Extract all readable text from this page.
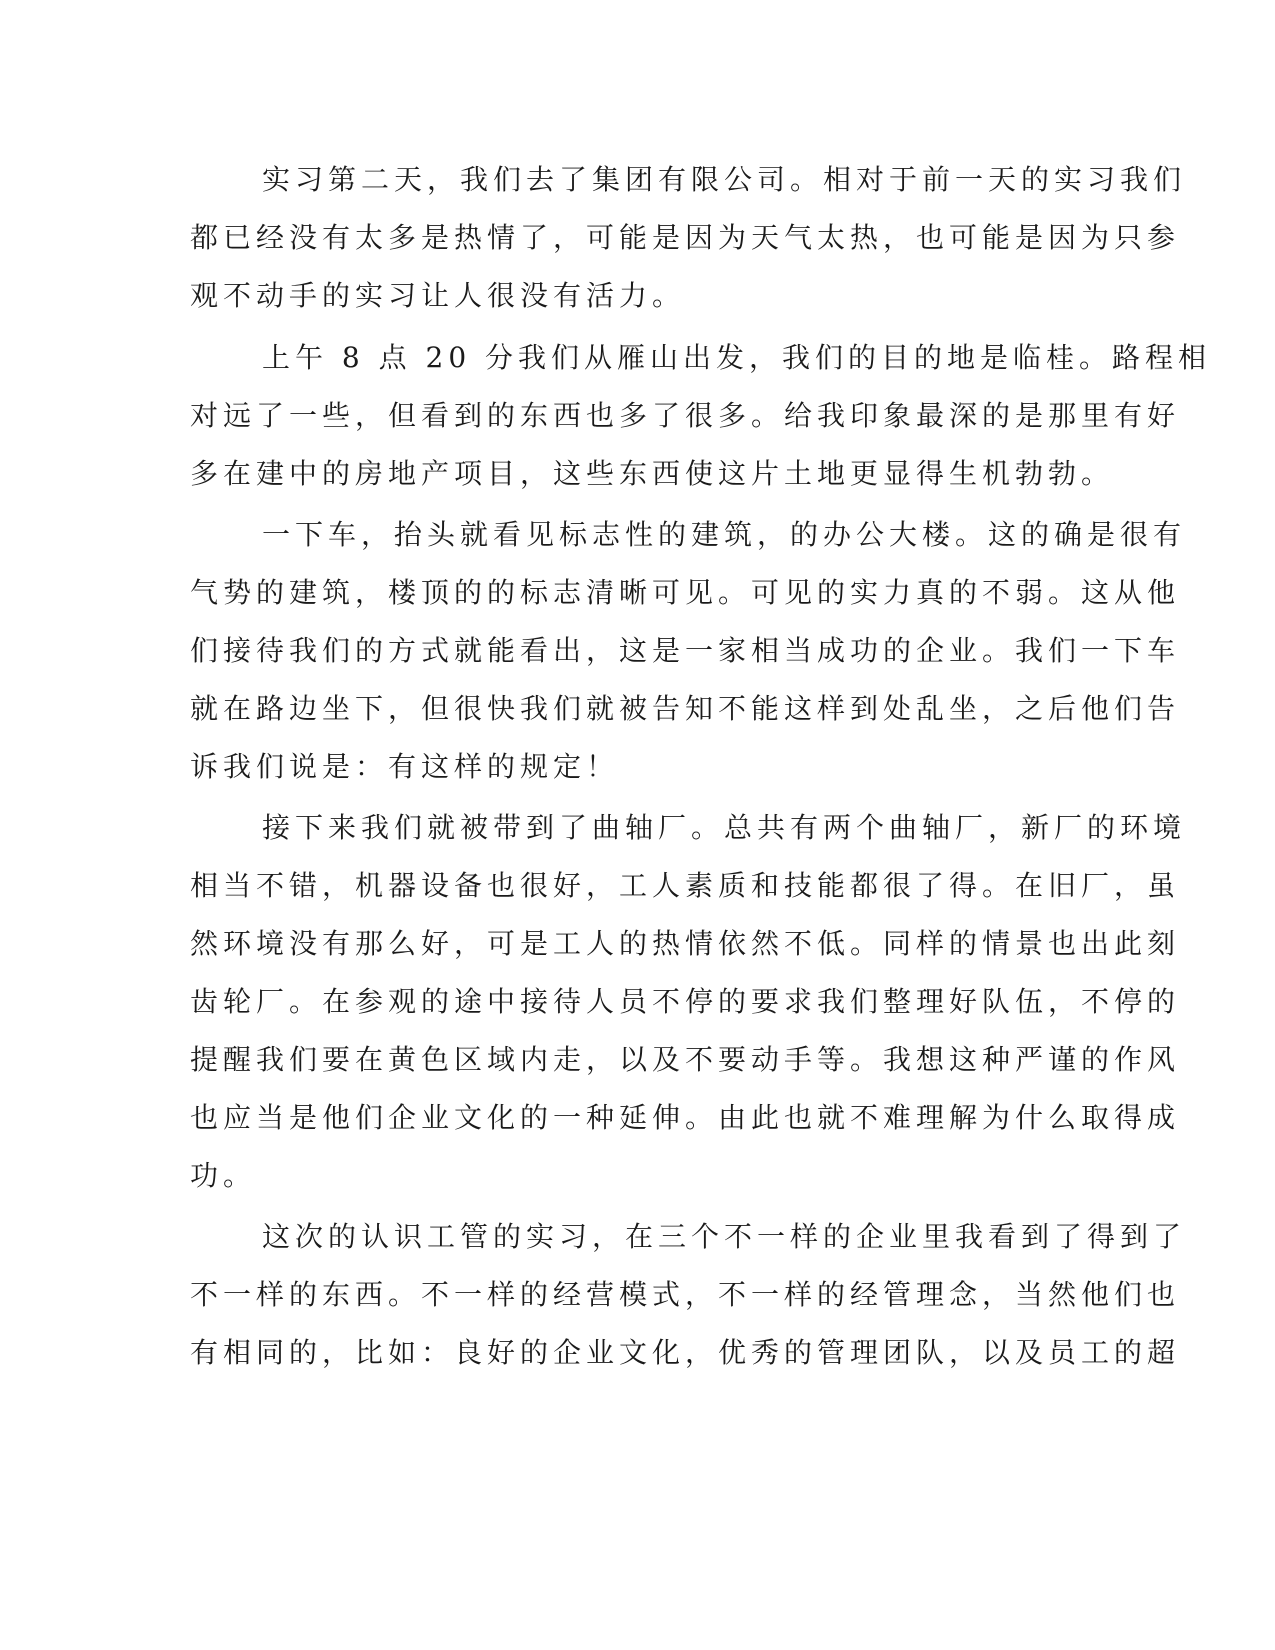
实习第二天，我们去了集团有限公司。相对于前一天的实习我们
都已经没有太多是热情了，可能是因为天气太热，也可能是因为只参
观不动手的实习让人很没有活力。
上午 8 点 20 分我们从雁山出发，我们的目的地是临桂。路程相
对远了一些，但看到的东西也多了很多。给我印象最深的是那里有好
多在建中的房地产项目，这些东西使这片土地更显得生机勃勃。
一下车，抬头就看见标志性的建筑，的办公大楼。这的确是很有
气势的建筑，楼顶的的标志清晰可见。可见的实力真的不弱。这从他
们接待我们的方式就能看出，这是一家相当成功的企业。我们一下车
就在路边坐下，但很快我们就被告知不能这样到处乱坐，之后他们告
诉我们说是：有这样的规定！
接下来我们就被带到了曲轴厂。总共有两个曲轴厂，新厂的环境
相当不错，机器设备也很好，工人素质和技能都很了得。在旧厂，虽
然环境没有那么好，可是工人的热情依然不低。同样的情景也出此刻
齿轮厂。在参观的途中接待人员不停的要求我们整理好队伍，不停的
提醒我们要在黄色区域内走，以及不要动手等。我想这种严谨的作风
也应当是他们企业文化的一种延伸。由此也就不难理解为什么取得成
功。
这次的认识工管的实习，在三个不一样的企业里我看到了得到了
不一样的东西。不一样的经营模式，不一样的经管理念，当然他们也
有相同的，比如：良好的企业文化，优秀的管理团队，以及员工的超
